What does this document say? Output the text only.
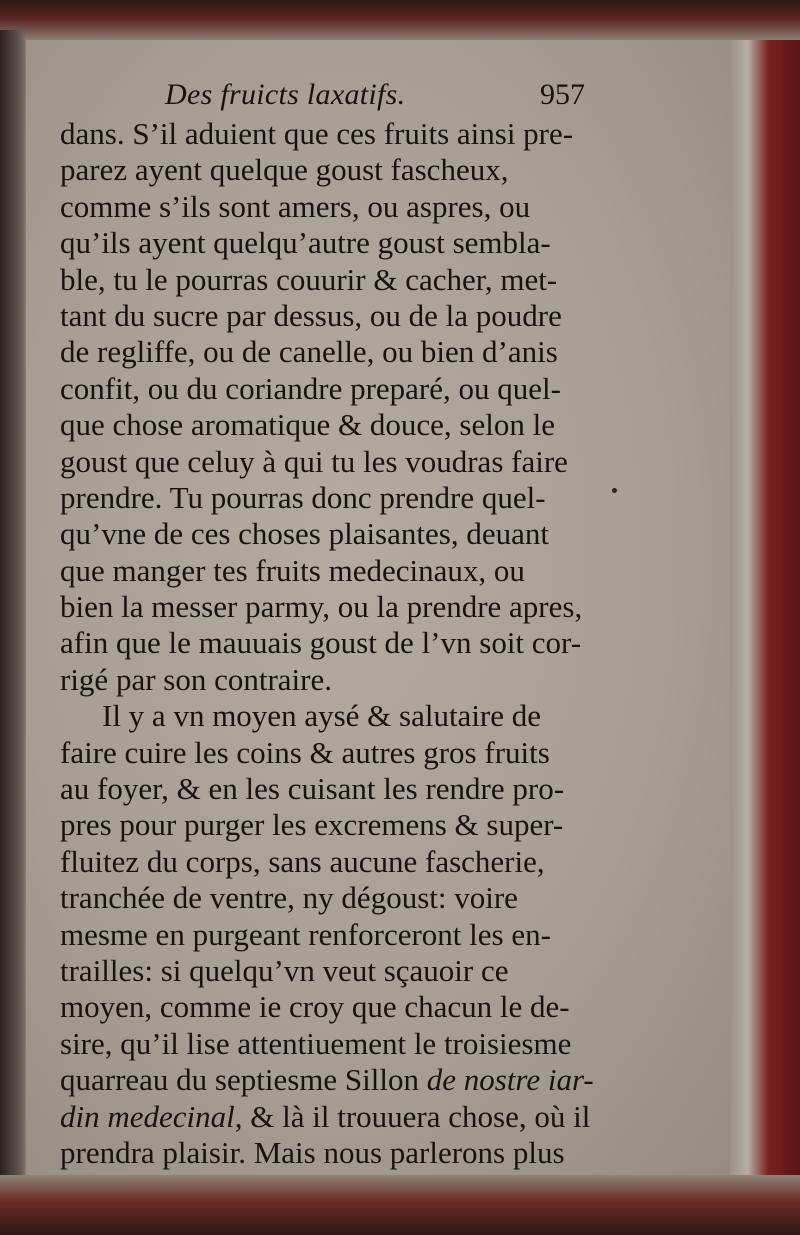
Des fruicts laxatifs.	957
dans. S’il aduient que ces fruits ainsi pre-
parez ayent quelque goust fascheux,
comme s’ils sont amers, ou aspres, ou
qu’ils ayent quelqu’autre goust sembla-
ble, tu le pourras couurir & cacher, met-
tant du sucre par dessus, ou de la poudre
de regliffe, ou de canelle, ou bien d’anis
confit, ou du coriandre preparé, ou quel-
que chose aromatique & douce, selon le
goust que celuy à qui tu les voudras faire
prendre. Tu pourras donc prendre quel-
qu’vne de ces choses plaisantes, deuant
que manger tes fruits medecinaux, ou
bien la messer parmy, ou la prendre apres,
afin que le mauuais goust de l’vn soit cor-
rigé par son contraire.
Il y a vn moyen aysé & salutaire de
faire cuire les coins & autres gros fruits
au foyer, & en les cuisant les rendre pro-
pres pour purger les excremens & super-
fluitez du corps, sans aucune fascherie,
tranchée de ventre, ny dégoust: voire
mesme en purgeant renforceront les en-
trailles: si quelqu’vn veut sçauoir ce
moyen, comme ie croy que chacun le de-
sire, qu’il lise attentiuement le troisiesme
quarreau du septiesme Sillon de nostre iar-
din medecinal, & là il trouuera chose, où il
prendra plaisir. Mais nous parlerons plus
